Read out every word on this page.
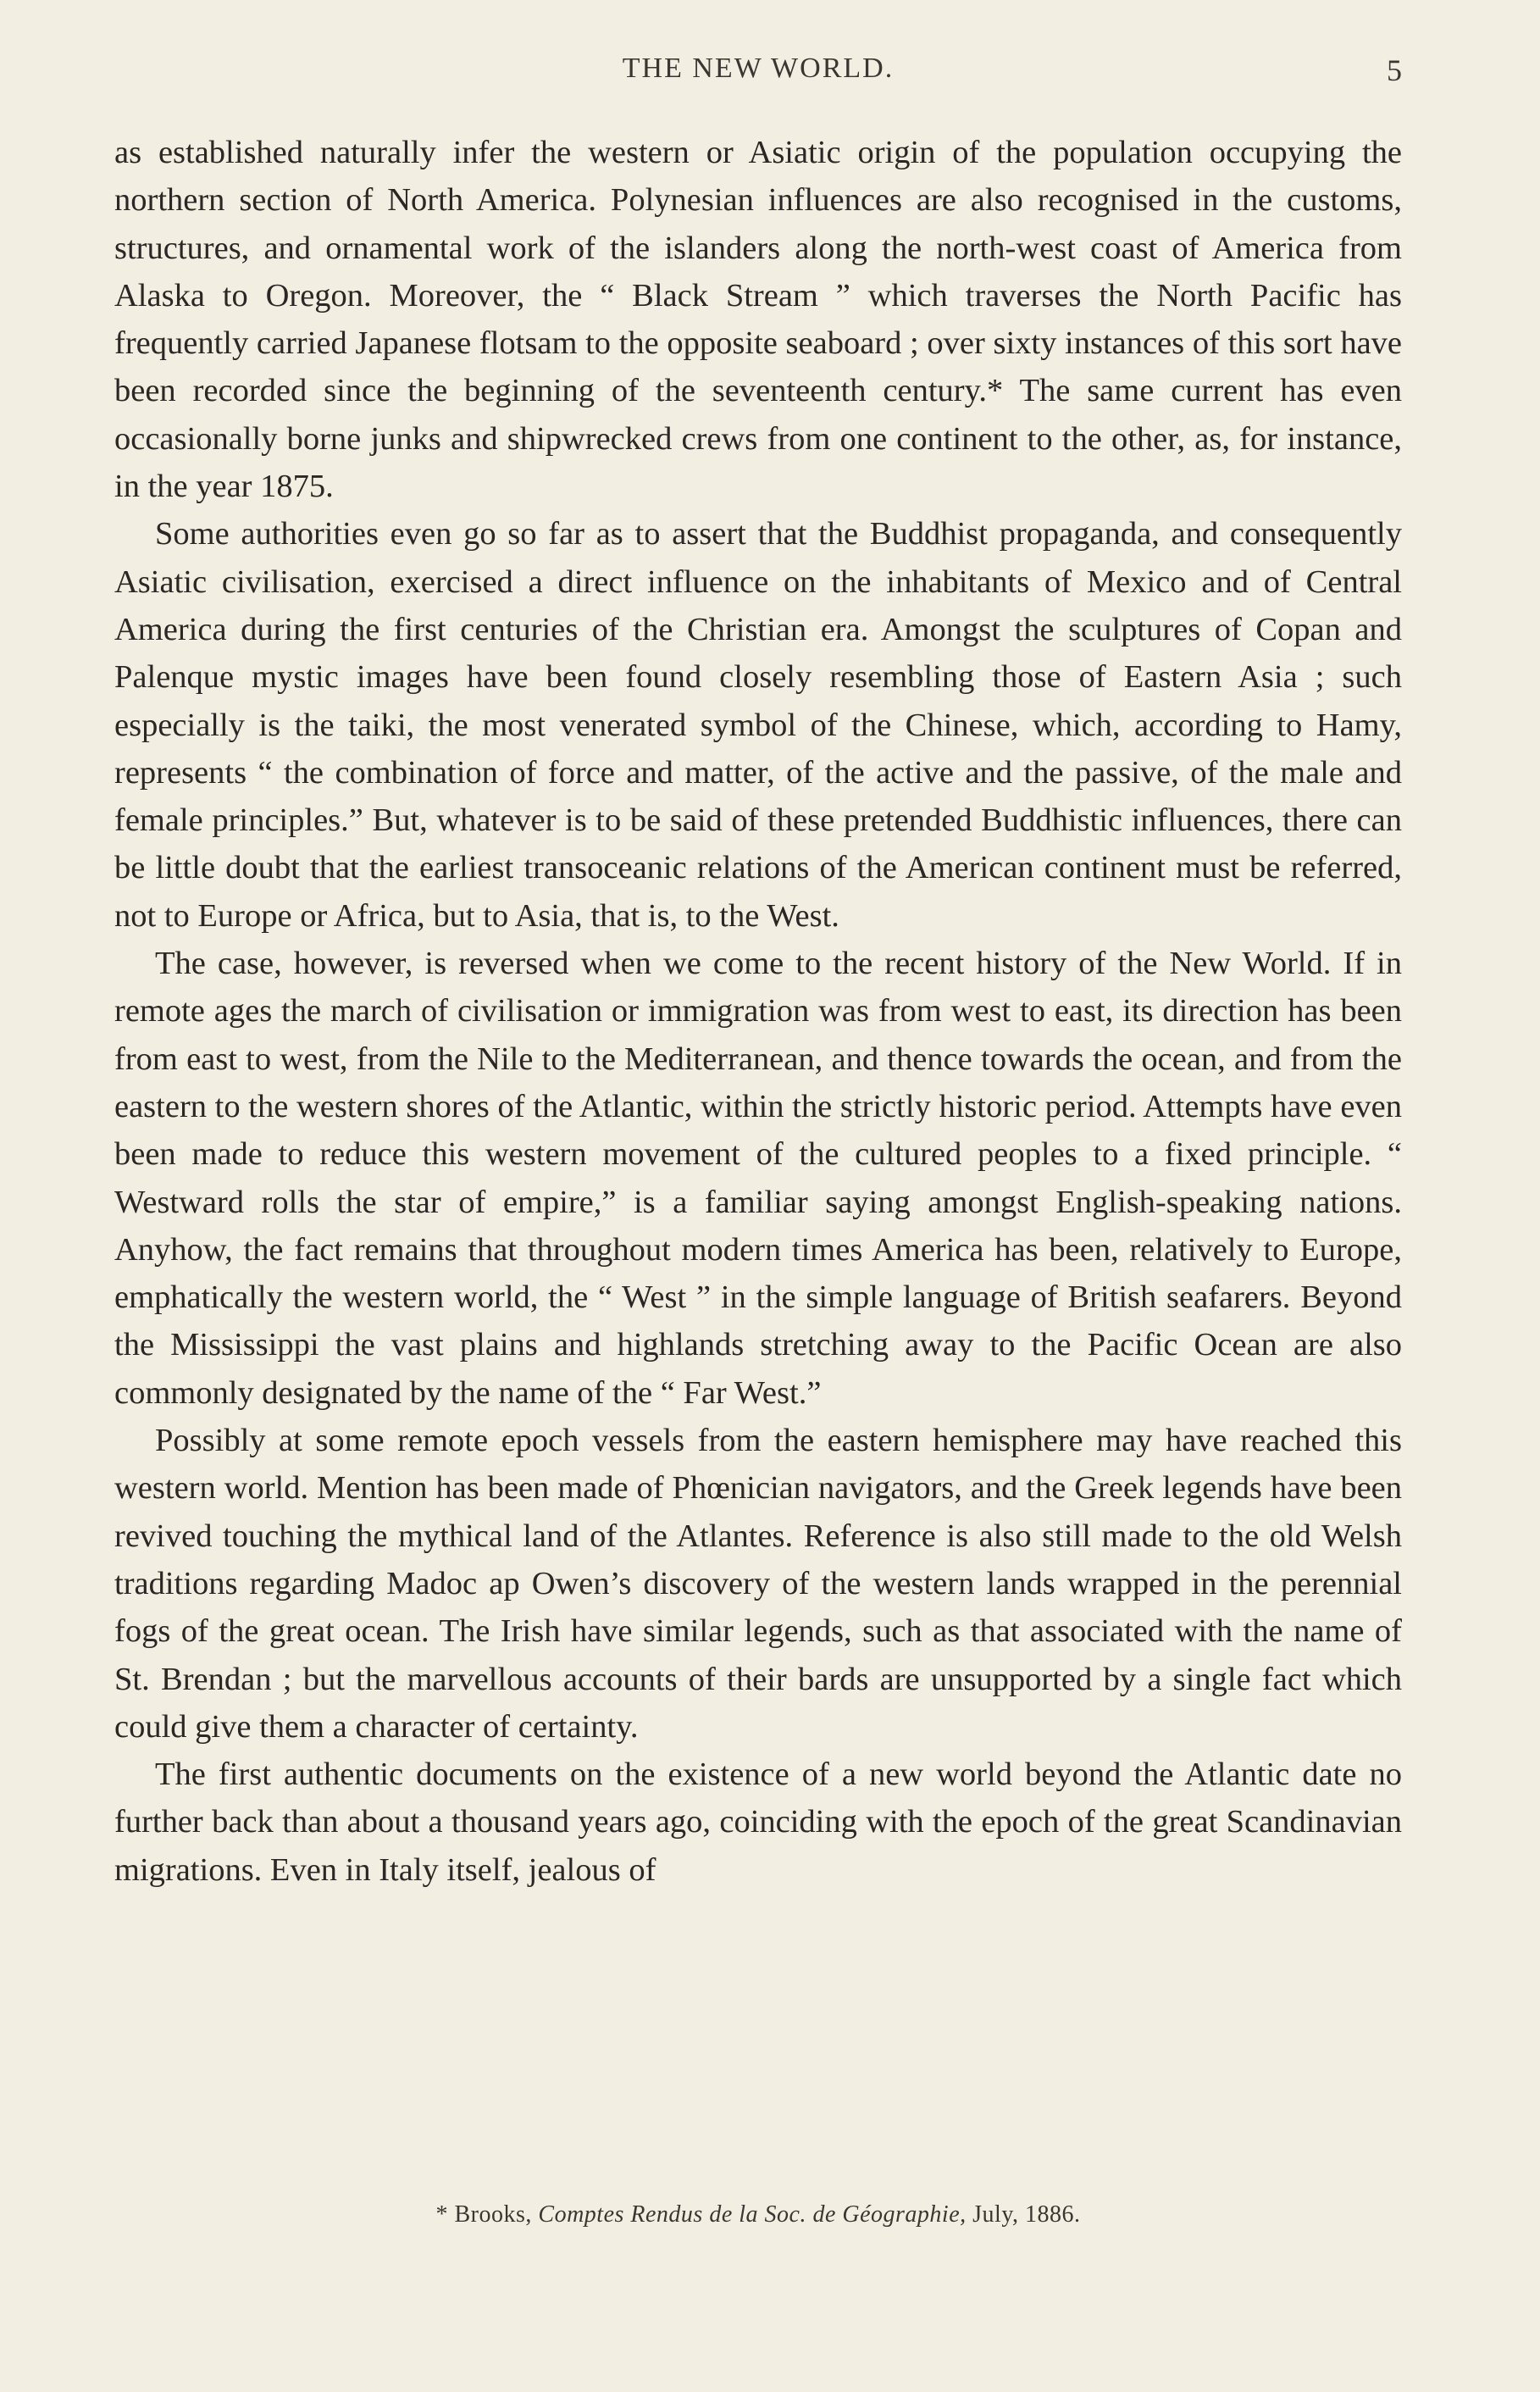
THE NEW WORLD.	5

as established naturally infer the western or Asiatic origin of the population occupying the northern section of North America. Polynesian influences are also recognised in the customs, structures, and ornamental work of the islanders along the north-west coast of America from Alaska to Oregon. Moreover, the “ Black Stream ” which traverses the North Pacific has frequently carried Japanese flotsam to the opposite seaboard ; over sixty instances of this sort have been recorded since the beginning of the seventeenth century.* The same current has even occasionally borne junks and shipwrecked crews from one continent to the other, as, for instance, in the year 1875.

Some authorities even go so far as to assert that the Buddhist propaganda, and consequently Asiatic civilisation, exercised a direct influence on the inhabitants of Mexico and of Central America during the first centuries of the Christian era. Amongst the sculptures of Copan and Palenque mystic images have been found closely resembling those of Eastern Asia ; such especially is the taiki, the most venerated symbol of the Chinese, which, according to Hamy, represents “ the combination of force and matter, of the active and the passive, of the male and female principles.” But, whatever is to be said of these pretended Buddhistic influences, there can be little doubt that the earliest transoceanic relations of the American continent must be referred, not to Europe or Africa, but to Asia, that is, to the West.

The case, however, is reversed when we come to the recent history of the New World. If in remote ages the march of civilisation or immigration was from west to east, its direction has been from east to west, from the Nile to the Mediterranean, and thence towards the ocean, and from the eastern to the western shores of the Atlantic, within the strictly historic period. Attempts have even been made to reduce this western movement of the cultured peoples to a fixed principle. “ Westward rolls the star of empire,” is a familiar saying amongst English-speaking nations. Anyhow, the fact remains that throughout modern times America has been, relatively to Europe, emphatically the western world, the “ West ” in the simple language of British seafarers. Beyond the Mississippi the vast plains and highlands stretching away to the Pacific Ocean are also commonly designated by the name of the “ Far West.”

Possibly at some remote epoch vessels from the eastern hemisphere may have reached this western world. Mention has been made of Phœnician navigators, and the Greek legends have been revived touching the mythical land of the Atlantes. Reference is also still made to the old Welsh traditions regarding Madoc ap Owen’s discovery of the western lands wrapped in the perennial fogs of the great ocean. The Irish have similar legends, such as that associated with the name of St. Brendan ; but the marvellous accounts of their bards are unsupported by a single fact which could give them a character of certainty.

The first authentic documents on the existence of a new world beyond the Atlantic date no further back than about a thousand years ago, coinciding with the epoch of the great Scandinavian migrations. Even in Italy itself, jealous of

* Brooks, Comptes Rendus de la Soc. de Géographie, July, 1886.
